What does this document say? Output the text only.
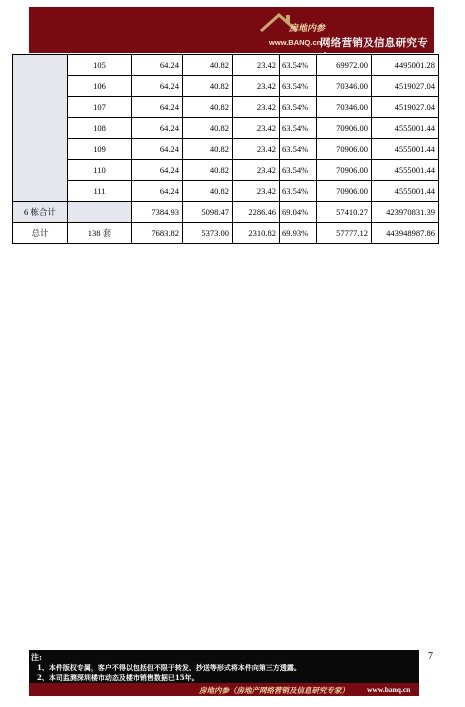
房地内参
www.BANQ.cn
网络营销及信息研究专家
	105	64.24	40.82	23.42	63.54%	69972.00	4495001.28
	106	64.24	40.82	23.42	63.54%	70346.00	4519027.04
	107	64.24	40.82	23.42	63.54%	70346.00	4519027.04
	108	64.24	40.82	23.42	63.54%	70906.00	4555001.44
	109	64.24	40.82	23.42	63.54%	70906.00	4555001.44
	110	64.24	40.82	23.42	63.54%	70906.00	4555001.44
	111	64.24	40.82	23.42	63.54%	70906.00	4555001.44
6 栋合计		7384.93	5098.47	2286.46	69.04%	57410.27	423970831.39
总计	138 套	7683.82	5373.00	2310.82	69.93%	57777.12	443948987.86
7
注:
1、本件版权专属，客户不得以包括但不限于转发、抄送等形式将本件向第三方透露。
2、本司监测深圳楼市动态及楼市销售数据已15年。
房地内参（房地产网络营销及信息研究专家） www.banq.cn
